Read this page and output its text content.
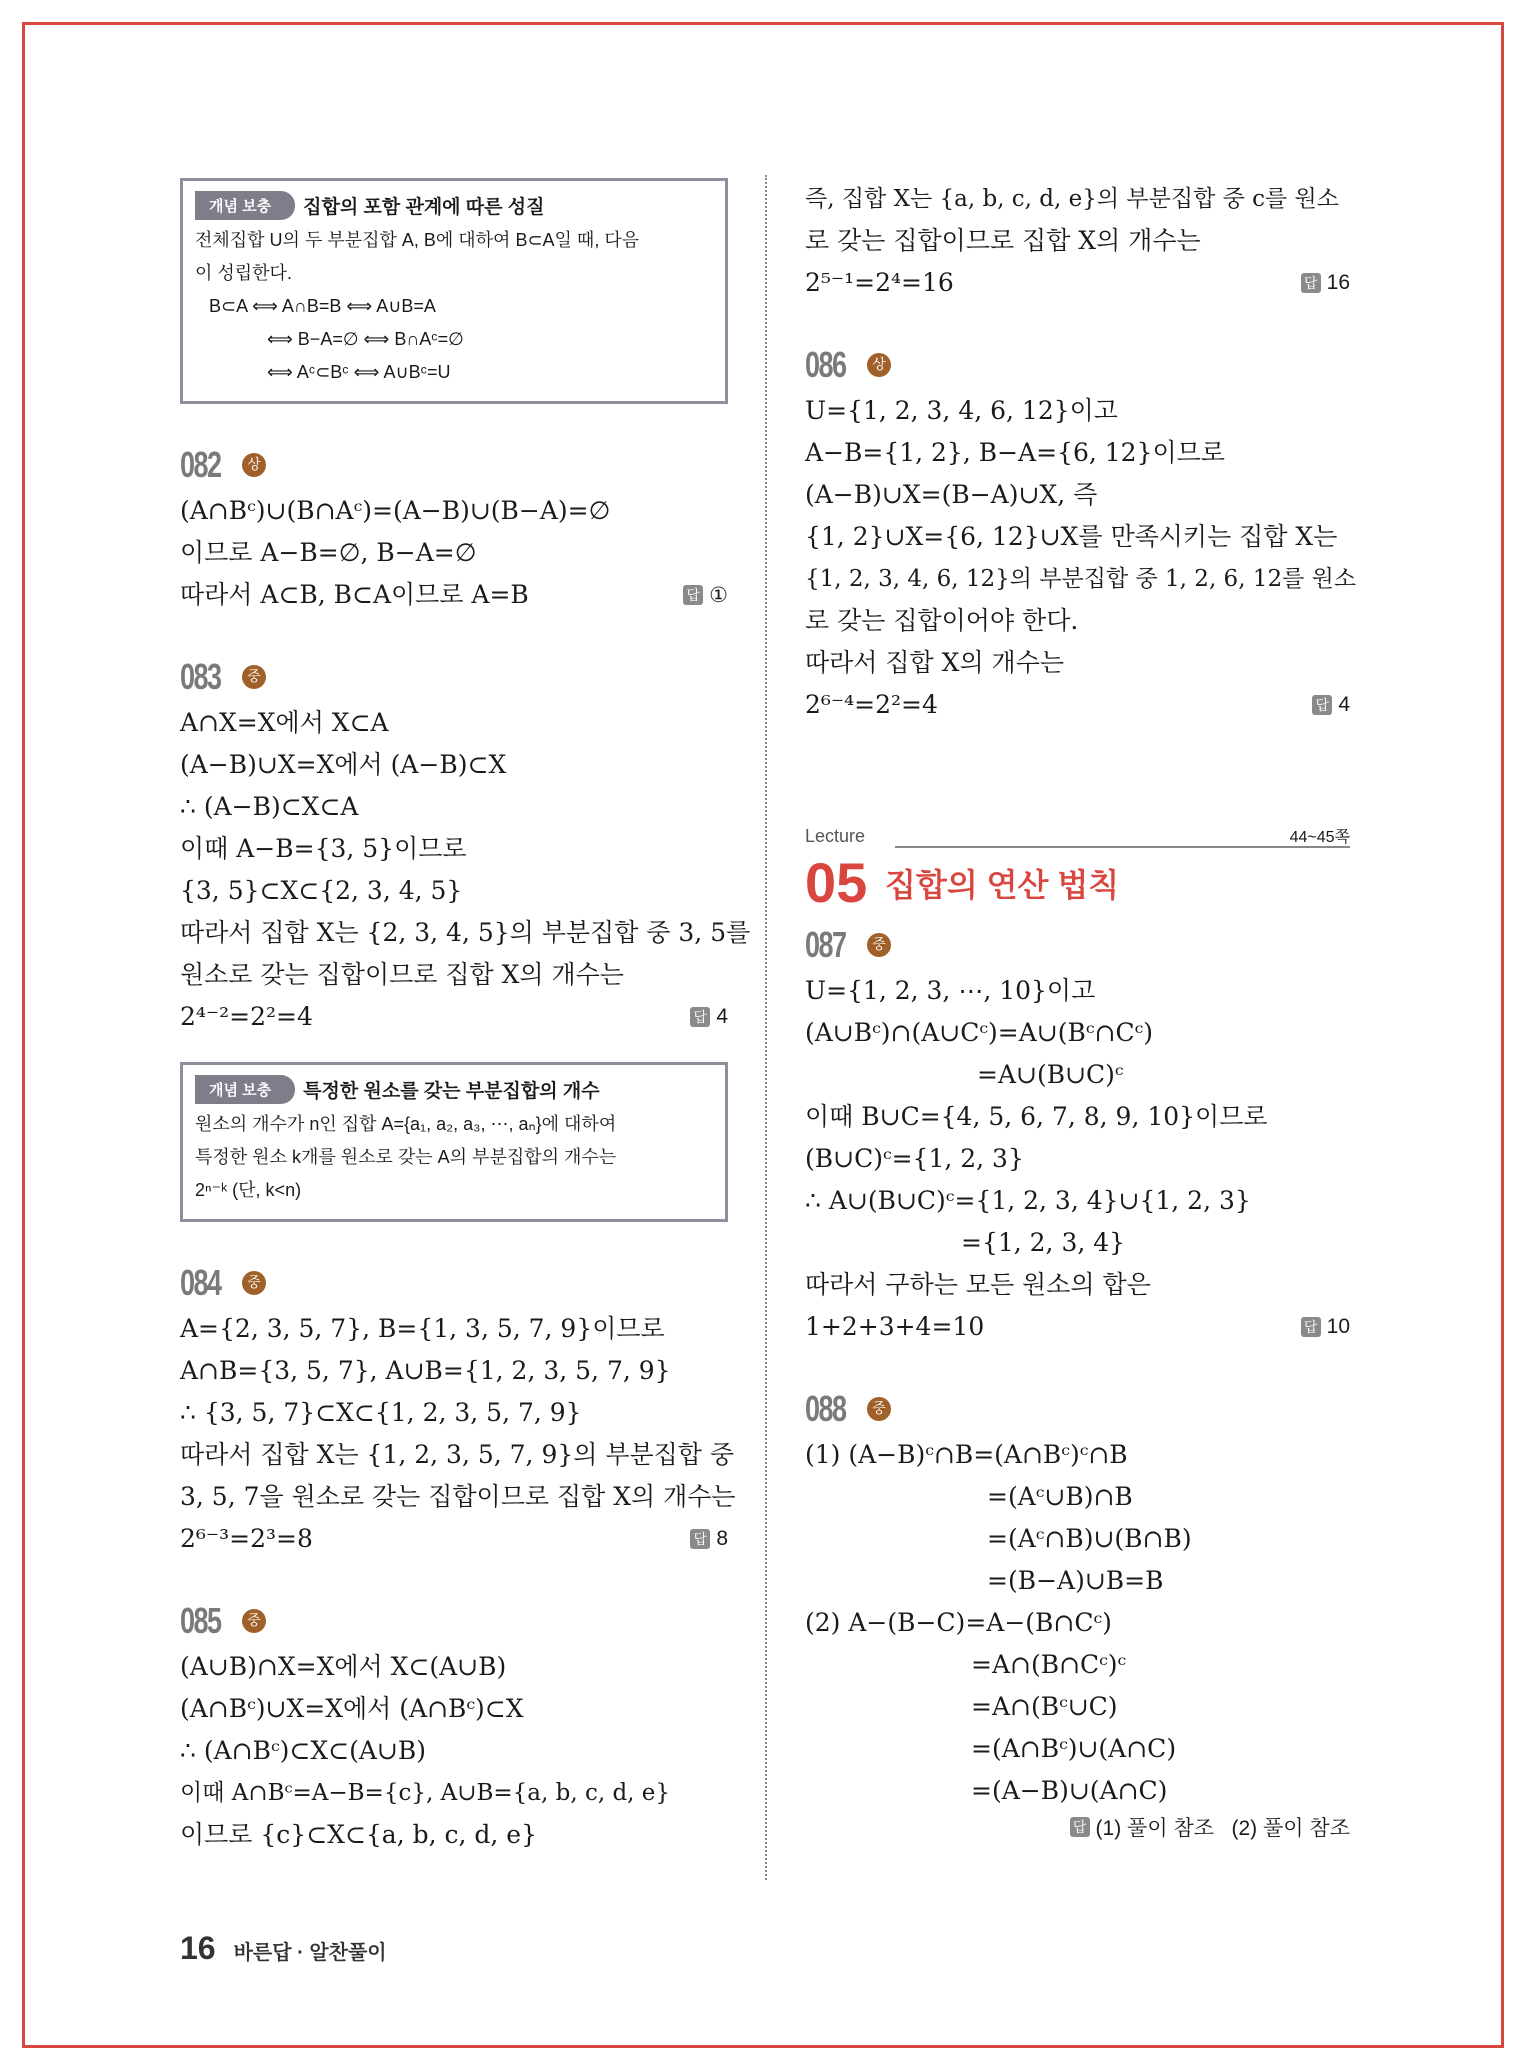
개념 보충	집합의 포함 관계에 따른 성질
전체집합 U의 두 부분집합 A, B에 대하여 B⊂A일 때, 다음
이 성립한다.
B⊂A ⟺ A∩B=B ⟺ A∪B=A
⟺ B−A=∅ ⟺ B∩Aᶜ=∅
⟺ Aᶜ⊂Bᶜ ⟺ A∪Bᶜ=U
082	상
(A∩Bᶜ)∪(B∩Aᶜ)=(A−B)∪(B−A)=∅
이므로 A−B=∅, B−A=∅
따라서 A⊂B, B⊂A이므로 A=B	답 ①
083	중
A∩X=X에서 X⊂A
(A−B)∪X=X에서 (A−B)⊂X
∴ (A−B)⊂X⊂A
이때 A−B={3, 5}이므로
{3, 5}⊂X⊂{2, 3, 4, 5}
따라서 집합 X는 {2, 3, 4, 5}의 부분집합 중 3, 5를
원소로 갖는 집합이므로 집합 X의 개수는
2⁴⁻²=2²=4	답 4
개념 보충	특정한 원소를 갖는 부분집합의 개수
원소의 개수가 n인 집합 A={a₁, a₂, a₃, ⋯, aₙ}에 대하여
특정한 원소 k개를 원소로 갖는 A의 부분집합의 개수는
2ⁿ⁻ᵏ (단, k<n)
084	중
A={2, 3, 5, 7}, B={1, 3, 5, 7, 9}이므로
A∩B={3, 5, 7}, A∪B={1, 2, 3, 5, 7, 9}
∴ {3, 5, 7}⊂X⊂{1, 2, 3, 5, 7, 9}
따라서 집합 X는 {1, 2, 3, 5, 7, 9}의 부분집합 중
3, 5, 7을 원소로 갖는 집합이므로 집합 X의 개수는
2⁶⁻³=2³=8	답 8
085	중
(A∪B)∩X=X에서 X⊂(A∪B)
(A∩Bᶜ)∪X=X에서 (A∩Bᶜ)⊂X
∴ (A∩Bᶜ)⊂X⊂(A∪B)
이때 A∩Bᶜ=A−B={c}, A∪B={a, b, c, d, e}
이므로 {c}⊂X⊂{a, b, c, d, e}
즉, 집합 X는 {a, b, c, d, e}의 부분집합 중 c를 원소
로 갖는 집합이므로 집합 X의 개수는
2⁵⁻¹=2⁴=16	답 16
086	상
U={1, 2, 3, 4, 6, 12}이고
A−B={1, 2}, B−A={6, 12}이므로
(A−B)∪X=(B−A)∪X, 즉
{1, 2}∪X={6, 12}∪X를 만족시키는 집합 X는
{1, 2, 3, 4, 6, 12}의 부분집합 중 1, 2, 6, 12를 원소
로 갖는 집합이어야 한다.
따라서 집합 X의 개수는
2⁶⁻⁴=2²=4	답 4
Lecture	44~45쪽
05 집합의 연산 법칙
087	중
U={1, 2, 3, ⋯, 10}이고
(A∪Bᶜ)∩(A∪Cᶜ)=A∪(Bᶜ∩Cᶜ)
=A∪(B∪C)ᶜ
이때 B∪C={4, 5, 6, 7, 8, 9, 10}이므로
(B∪C)ᶜ={1, 2, 3}
∴ A∪(B∪C)ᶜ={1, 2, 3, 4}∪{1, 2, 3}
={1, 2, 3, 4}
따라서 구하는 모든 원소의 합은
1+2+3+4=10	답 10
088	중
(1) (A−B)ᶜ∩B=(A∩Bᶜ)ᶜ∩B
=(Aᶜ∪B)∩B
=(Aᶜ∩B)∪(B∩B)
=(B−A)∪B=B
(2) A−(B−C)=A−(B∩Cᶜ)
=A∩(B∩Cᶜ)ᶜ
=A∩(Bᶜ∪C)
=(A∩Bᶜ)∪(A∩C)
=(A−B)∪(A∩C)
답 (1) 풀이 참조   (2) 풀이 참조
16 바른답 · 알찬풀이
